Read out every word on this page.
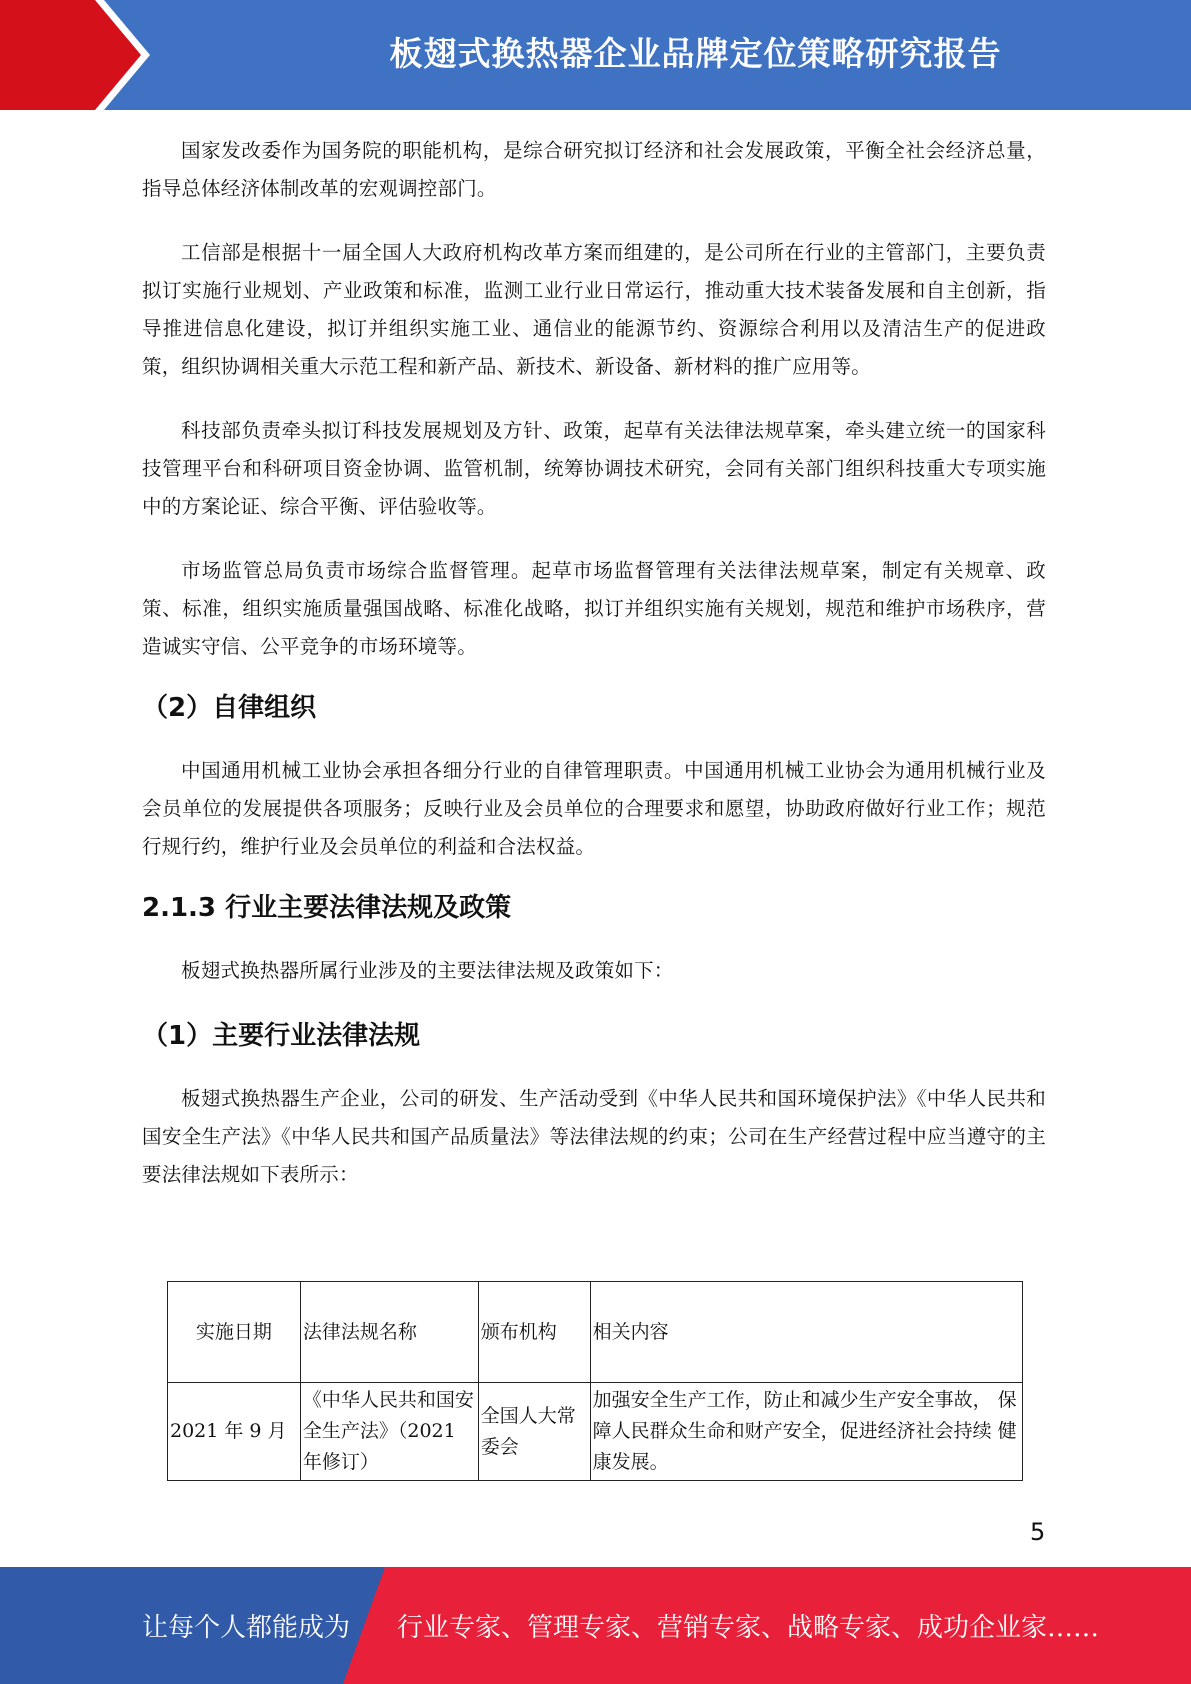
板翅式换热器企业品牌定位策略研究报告

国家发改委作为国务院的职能机构，是综合研究拟订经济和社会发展政策，平衡全社会经济总量，指导总体经济体制改革的宏观调控部门。

工信部是根据十一届全国人大政府机构改革方案而组建的，是公司所在行业的主管部门，主要负责拟订实施行业规划、产业政策和标准，监测工业行业日常运行，推动重大技术装备发展和自主创新，指导推进信息化建设，拟订并组织实施工业、通信业的能源节约、资源综合利用以及清洁生产的促进政策，组织协调相关重大示范工程和新产品、新技术、新设备、新材料的推广应用等。

科技部负责牵头拟订科技发展规划及方针、政策，起草有关法律法规草案，牵头建立统一的国家科技管理平台和科研项目资金协调、监管机制，统筹协调技术研究，会同有关部门组织科技重大专项实施中的方案论证、综合平衡、评估验收等。

市场监管总局负责市场综合监督管理。起草市场监督管理有关法律法规草案，制定有关规章、政策、标准，组织实施质量强国战略、标准化战略，拟订并组织实施有关规划，规范和维护市场秩序，营造诚实守信、公平竞争的市场环境等。

（2）自律组织

中国通用机械工业协会承担各细分行业的自律管理职责。中国通用机械工业协会为通用机械行业及会员单位的发展提供各项服务；反映行业及会员单位的合理要求和愿望，协助政府做好行业工作；规范行规行约，维护行业及会员单位的利益和合法权益。

2.1.3 行业主要法律法规及政策

板翅式换热器所属行业涉及的主要法律法规及政策如下：

（1）主要行业法律法规

板翅式换热器生产企业，公司的研发、生产活动受到《中华人民共和国环境保护法》《中华人民共和国安全生产法》《中华人民共和国产品质量法》等法律法规的约束；公司在生产经营过程中应当遵守的主要法律法规如下表所示：

实施日期	法律法规名称	颁布机构	相关内容
2021 年 9 月	《中华人民共和国安全生产法》（2021 年修订）	全国人大常委会	加强安全生产工作，防止和减少生产安全事故， 保障人民群众生命和财产安全，促进经济社会持续 健康发展。
5
让每个人都能成为 行业专家、管理专家、营销专家、战略专家、成功企业家……
